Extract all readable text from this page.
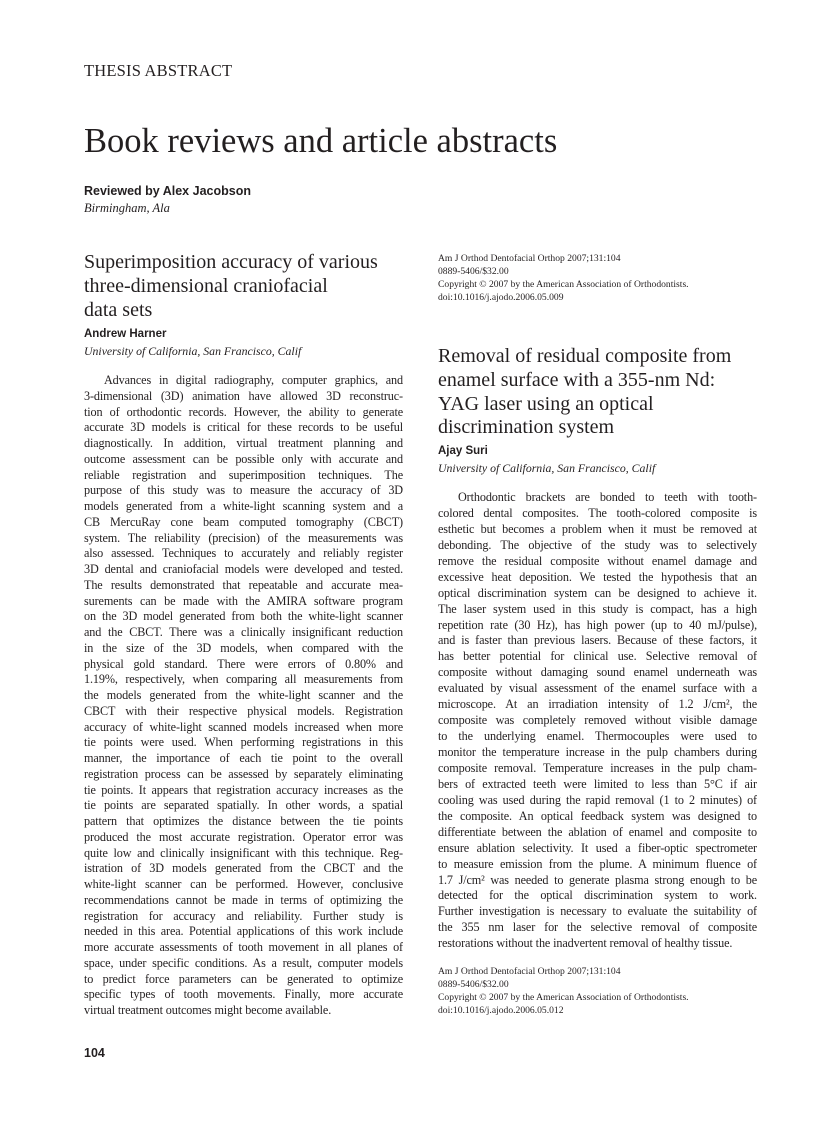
THESIS ABSTRACT
Book reviews and article abstracts
Reviewed by Alex Jacobson
Birmingham, Ala
Superimposition accuracy of various
three-dimensional craniofacial
data sets
Andrew Harner
University of California, San Francisco, Calif
Advances in digital radiography, computer graphics, and
3-dimensional (3D) animation have allowed 3D reconstruc-
tion of orthodontic records. However, the ability to generate
accurate 3D models is critical for these records to be useful
diagnostically. In addition, virtual treatment planning and
outcome assessment can be possible only with accurate and
reliable registration and superimposition techniques. The
purpose of this study was to measure the accuracy of 3D
models generated from a white-light scanning system and a
CB MercuRay cone beam computed tomography (CBCT)
system. The reliability (precision) of the measurements was
also assessed. Techniques to accurately and reliably register
3D dental and craniofacial models were developed and tested.
The results demonstrated that repeatable and accurate mea-
surements can be made with the AMIRA software program
on the 3D model generated from both the white-light scanner
and the CBCT. There was a clinically insignificant reduction
in the size of the 3D models, when compared with the
physical gold standard. There were errors of 0.80% and
1.19%, respectively, when comparing all measurements from
the models generated from the white-light scanner and the
CBCT with their respective physical models. Registration
accuracy of white-light scanned models increased when more
tie points were used. When performing registrations in this
manner, the importance of each tie point to the overall
registration process can be assessed by separately eliminating
tie points. It appears that registration accuracy increases as the
tie points are separated spatially. In other words, a spatial
pattern that optimizes the distance between the tie points
produced the most accurate registration. Operator error was
quite low and clinically insignificant with this technique. Reg-
istration of 3D models generated from the CBCT and the
white-light scanner can be performed. However, conclusive
recommendations cannot be made in terms of optimizing the
registration for accuracy and reliability. Further study is
needed in this area. Potential applications of this work include
more accurate assessments of tooth movement in all planes of
space, under specific conditions. As a result, computer models
to predict force parameters can be generated to optimize
specific types of tooth movements. Finally, more accurate
virtual treatment outcomes might become available.
Am J Orthod Dentofacial Orthop 2007;131:104
0889-5406/$32.00
Copyright © 2007 by the American Association of Orthodontists.
doi:10.1016/j.ajodo.2006.05.009
Removal of residual composite from
enamel surface with a 355-nm Nd:
YAG laser using an optical
discrimination system
Ajay Suri
University of California, San Francisco, Calif
Orthodontic brackets are bonded to teeth with tooth-
colored dental composites. The tooth-colored composite is
esthetic but becomes a problem when it must be removed at
debonding. The objective of the study was to selectively
remove the residual composite without enamel damage and
excessive heat deposition. We tested the hypothesis that an
optical discrimination system can be designed to achieve it.
The laser system used in this study is compact, has a high
repetition rate (30 Hz), has high power (up to 40 mJ/pulse),
and is faster than previous lasers. Because of these factors, it
has better potential for clinical use. Selective removal of
composite without damaging sound enamel underneath was
evaluated by visual assessment of the enamel surface with a
microscope. At an irradiation intensity of 1.2 J/cm², the
composite was completely removed without visible damage
to the underlying enamel. Thermocouples were used to
monitor the temperature increase in the pulp chambers during
composite removal. Temperature increases in the pulp cham-
bers of extracted teeth were limited to less than 5°C if air
cooling was used during the rapid removal (1 to 2 minutes) of
the composite. An optical feedback system was designed to
differentiate between the ablation of enamel and composite to
ensure ablation selectivity. It used a fiber-optic spectrometer
to measure emission from the plume. A minimum fluence of
1.7 J/cm² was needed to generate plasma strong enough to be
detected for the optical discrimination system to work.
Further investigation is necessary to evaluate the suitability of
the 355 nm laser for the selective removal of composite
restorations without the inadvertent removal of healthy tissue.
Am J Orthod Dentofacial Orthop 2007;131:104
0889-5406/$32.00
Copyright © 2007 by the American Association of Orthodontists.
doi:10.1016/j.ajodo.2006.05.012
104
